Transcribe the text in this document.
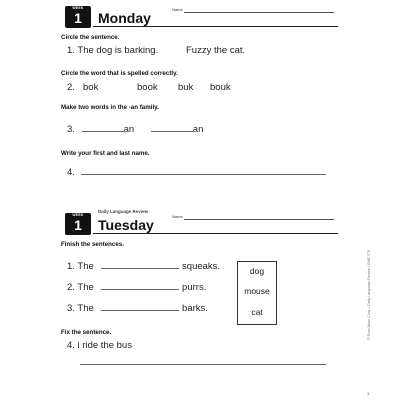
WEEK
1	Monday
Name
Circle the sentence.
1. The dog is barking.	Fuzzy the cat.
Circle the word that is spelled correctly.
2. bok	book buk bouk
Make two words in the -an family.
3.	an	an
Write your first and last name.
4.
Daily Language Review
WEEK
1	Tuesday
Name
Finish the sentences.
1. The	squeaks.
2. The	purrs.
3. The	barks.
dog
mouse
cat
Fix the sentence.
4. i ride the bus
© Evan-Moor Corp. • Daily Language Review • EMC 579
3
